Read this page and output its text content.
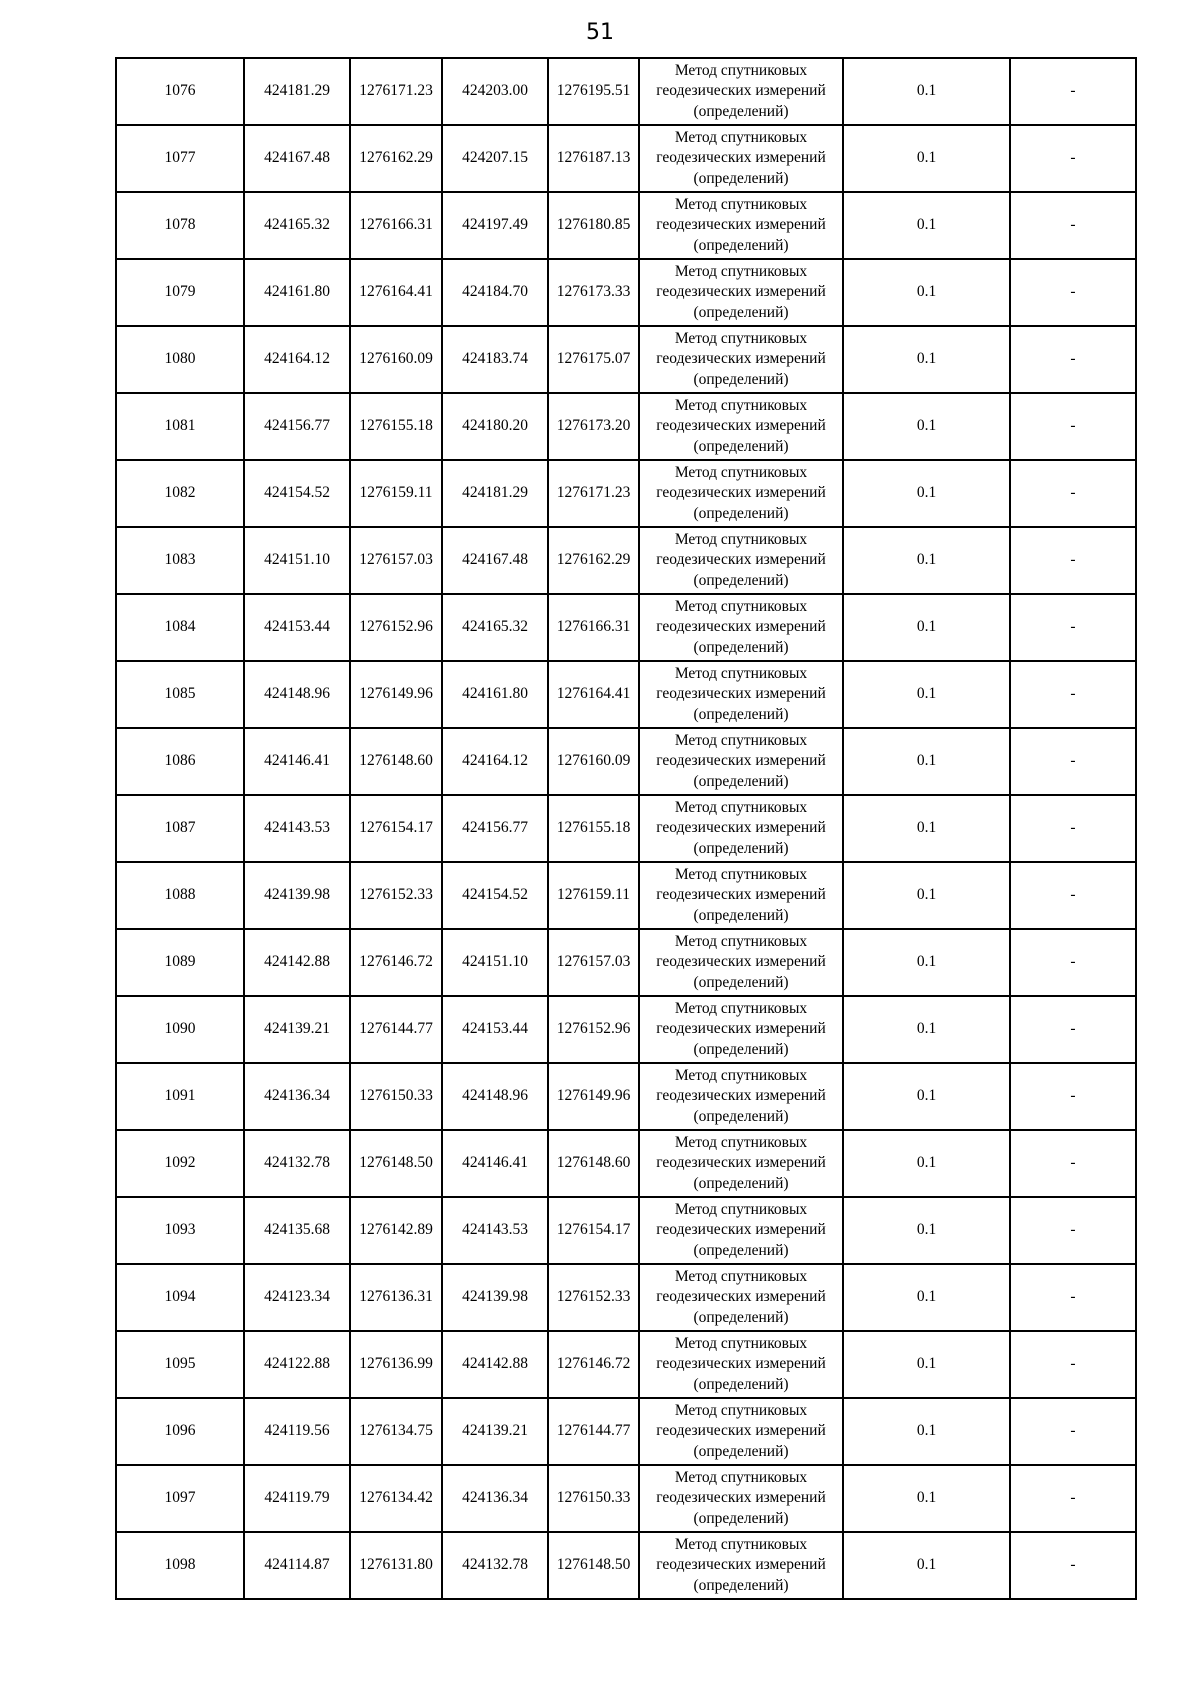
51
1076	424181.29	1276171.23	424203.00	1276195.51	Метод спутниковых геодезических измерений (определений)	0.1	-
1077	424167.48	1276162.29	424207.15	1276187.13	Метод спутниковых геодезических измерений (определений)	0.1	-
1078	424165.32	1276166.31	424197.49	1276180.85	Метод спутниковых геодезических измерений (определений)	0.1	-
1079	424161.80	1276164.41	424184.70	1276173.33	Метод спутниковых геодезических измерений (определений)	0.1	-
1080	424164.12	1276160.09	424183.74	1276175.07	Метод спутниковых геодезических измерений (определений)	0.1	-
1081	424156.77	1276155.18	424180.20	1276173.20	Метод спутниковых геодезических измерений (определений)	0.1	-
1082	424154.52	1276159.11	424181.29	1276171.23	Метод спутниковых геодезических измерений (определений)	0.1	-
1083	424151.10	1276157.03	424167.48	1276162.29	Метод спутниковых геодезических измерений (определений)	0.1	-
1084	424153.44	1276152.96	424165.32	1276166.31	Метод спутниковых геодезических измерений (определений)	0.1	-
1085	424148.96	1276149.96	424161.80	1276164.41	Метод спутниковых геодезических измерений (определений)	0.1	-
1086	424146.41	1276148.60	424164.12	1276160.09	Метод спутниковых геодезических измерений (определений)	0.1	-
1087	424143.53	1276154.17	424156.77	1276155.18	Метод спутниковых геодезических измерений (определений)	0.1	-
1088	424139.98	1276152.33	424154.52	1276159.11	Метод спутниковых геодезических измерений (определений)	0.1	-
1089	424142.88	1276146.72	424151.10	1276157.03	Метод спутниковых геодезических измерений (определений)	0.1	-
1090	424139.21	1276144.77	424153.44	1276152.96	Метод спутниковых геодезических измерений (определений)	0.1	-
1091	424136.34	1276150.33	424148.96	1276149.96	Метод спутниковых геодезических измерений (определений)	0.1	-
1092	424132.78	1276148.50	424146.41	1276148.60	Метод спутниковых геодезических измерений (определений)	0.1	-
1093	424135.68	1276142.89	424143.53	1276154.17	Метод спутниковых геодезических измерений (определений)	0.1	-
1094	424123.34	1276136.31	424139.98	1276152.33	Метод спутниковых геодезических измерений (определений)	0.1	-
1095	424122.88	1276136.99	424142.88	1276146.72	Метод спутниковых геодезических измерений (определений)	0.1	-
1096	424119.56	1276134.75	424139.21	1276144.77	Метод спутниковых геодезических измерений (определений)	0.1	-
1097	424119.79	1276134.42	424136.34	1276150.33	Метод спутниковых геодезических измерений (определений)	0.1	-
1098	424114.87	1276131.80	424132.78	1276148.50	Метод спутниковых геодезических измерений (определений)	0.1	-
